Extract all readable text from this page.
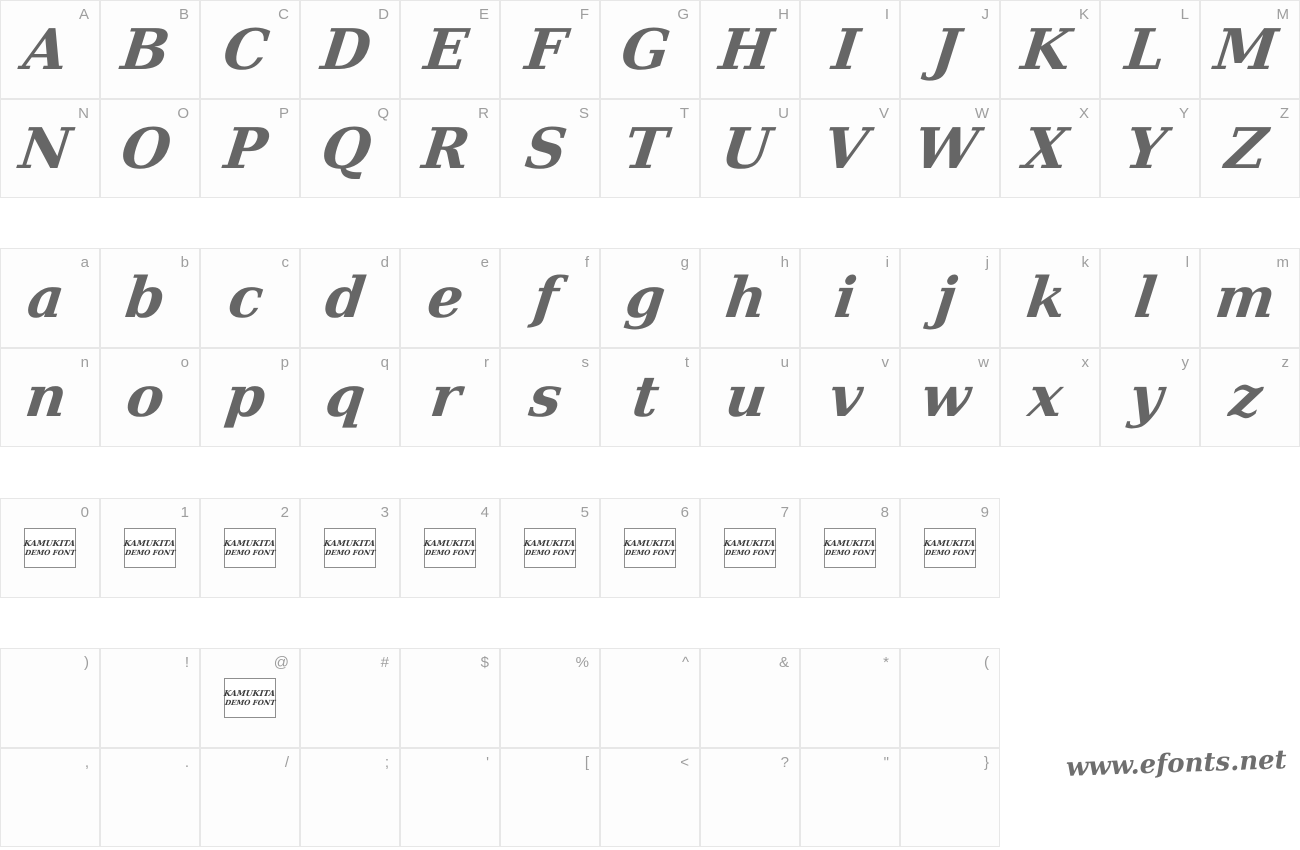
A
A
B
B
C
C
D
D
E
E
F
F
G
G
H
H
I
I
J
J
K
K
L
L
M
M
N
N
O
O
P
P
Q
Q
R
R
S
S
T
T
U
U
V
V
W
W
X
X
Y
Y
Z
Z
a
a
b
b
c
c
d
d
e
e
f
f
g
g
h
h
i
i
j
j
k
k
l
l
m
m
n
n
o
o
p
p
q
q
r
r
s
s
t
t
u
u
v
v
w
w
x
x
y
y
z
z
0
KAMUKITA
DEMO FONT
1
KAMUKITA
DEMO FONT
2
KAMUKITA
DEMO FONT
3
KAMUKITA
DEMO FONT
4
KAMUKITA
DEMO FONT
5
KAMUKITA
DEMO FONT
6
KAMUKITA
DEMO FONT
7
KAMUKITA
DEMO FONT
8
KAMUKITA
DEMO FONT
9
KAMUKITA
DEMO FONT
)	!	@
KAMUKITA
DEMO FONT
#	$	%	^	&	*	(
,	.	/	;	'	[	<	?	"	}	www.efonts.net
